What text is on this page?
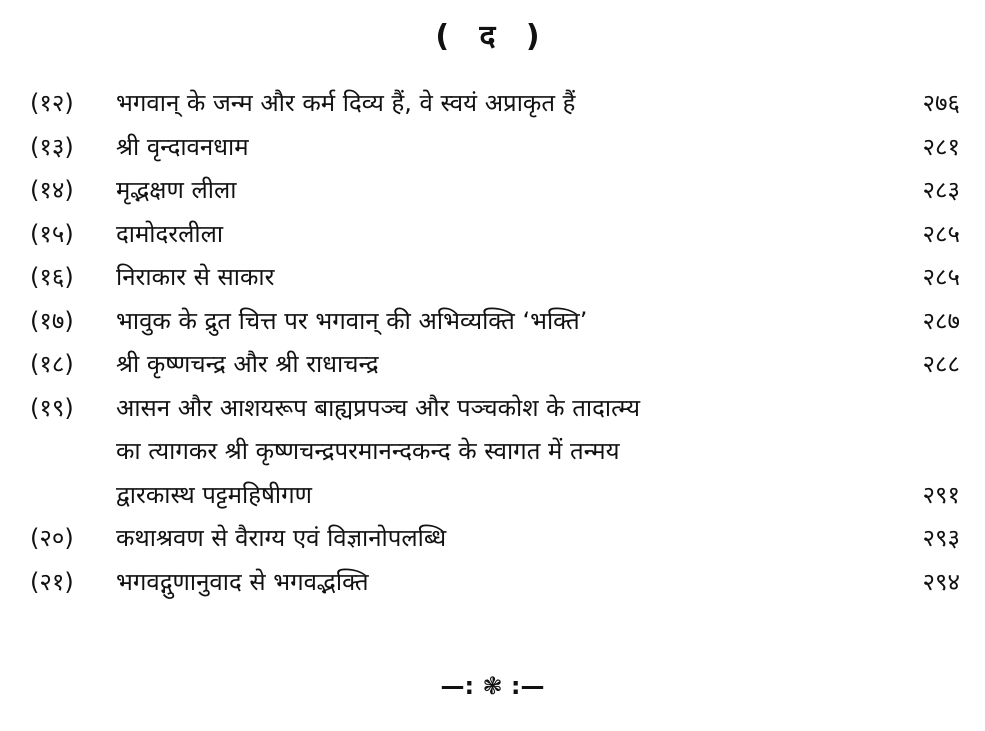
( द )
(१२)	भगवान् के जन्म और कर्म दिव्य हैं, वे स्वयं अप्राकृत हैं	२७६
(१३)	श्री वृन्दावनधाम	२८१
(१४)	मृद्भक्षण लीला	२८३
(१५)	दामोदरलीला	२८५
(१६)	निराकार से साकार	२८५
(१७)	भावुक के द्रुत चित्त पर भगवान् की अभिव्यक्ति ‘भक्ति’	२८७
(१८)	श्री कृष्णचन्द्र और श्री राधाचन्द्र	२८८
(१९)	आसन और आशयरूप बाह्यप्रपञ्च और पञ्चकोश के तादात्म्य
का त्यागकर श्री कृष्णचन्द्रपरमानन्दकन्द के स्वागत में तन्मय
द्वारकास्थ पट्टमहिषीगण	२९१
(२०)	कथाश्रवण से वैराग्य एवं विज्ञानोपलब्धि	२९३
(२१)	भगवद्गुणानुवाद से भगवद्भक्ति	२९४
—: ❃ :—
